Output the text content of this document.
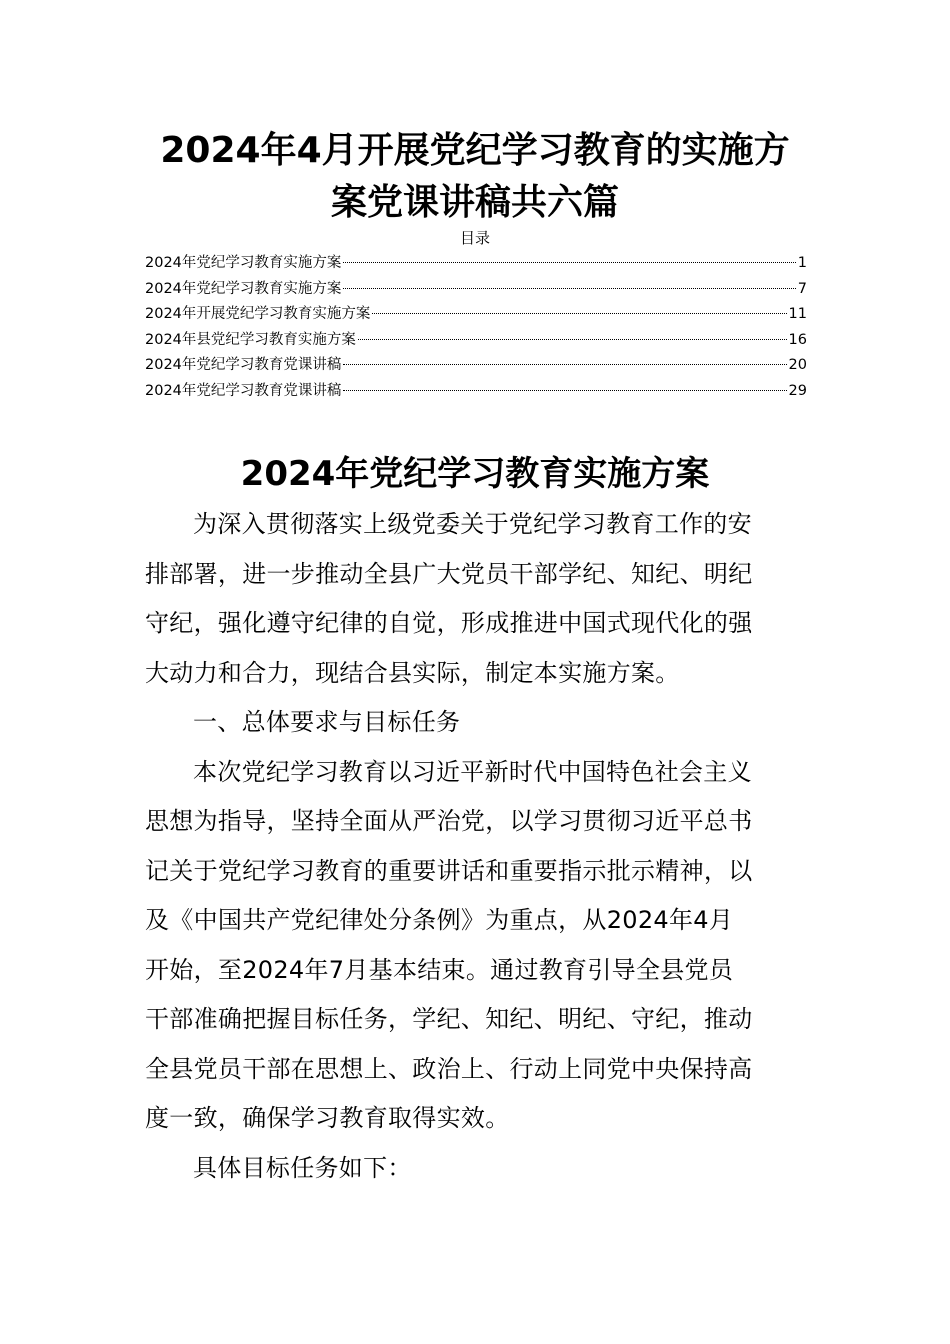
2024年4月开展党纪学习教育的实施方
案党课讲稿共六篇
目录
2024年党纪学习教育实施方案	1
2024年党纪学习教育实施方案	7
2024年开展党纪学习教育实施方案	11
2024年县党纪学习教育实施方案	16
2024年党纪学习教育党课讲稿	20
2024年党纪学习教育党课讲稿	29
2024年党纪学习教育实施方案

为深入贯彻落实上级党委关于党纪学习教育工作的安
排部署，进一步推动全县广大党员干部学纪、知纪、明纪
守纪，强化遵守纪律的自觉，形成推进中国式现代化的强
大动力和合力，现结合县实际，制定本实施方案。

一、总体要求与目标任务

本次党纪学习教育以习近平新时代中国特色社会主义
思想为指导，坚持全面从严治党，以学习贯彻习近平总书
记关于党纪学习教育的重要讲话和重要指示批示精神，以
及《中国共产党纪律处分条例》为重点，从2024年4月
开始，至2024年7月基本结束。通过教育引导全县党员
干部准确把握目标任务，学纪、知纪、明纪、守纪，推动
全县党员干部在思想上、政治上、行动上同党中央保持高
度一致，确保学习教育取得实效。

具体目标任务如下：
